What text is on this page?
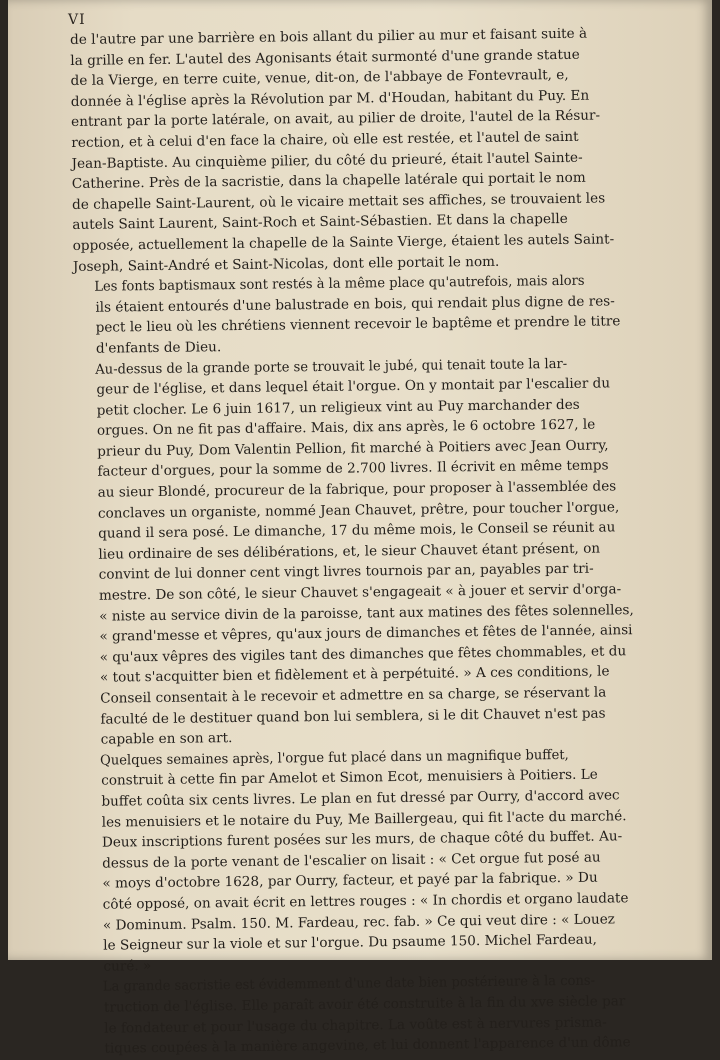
VI
de l'autre par une barrière en bois allant du pilier au mur et faisant suite à
la grille en fer. L'autel des Agonisants était surmonté d'une grande statue
de la Vierge, en terre cuite, venue, dit-on, de l'abbaye de Fontevrault, e,
donnée à l'église après la Révolution par M. d'Houdan, habitant du Puy. En
entrant par la porte latérale, on avait, au pilier de droite, l'autel de la Résur-
rection, et à celui d'en face la chaire, où elle est restée, et l'autel de saint
Jean-Baptiste. Au cinquième pilier, du côté du prieuré, était l'autel Sainte-
Catherine. Près de la sacristie, dans la chapelle latérale qui portait le nom
de chapelle Saint-Laurent, où le vicaire mettait ses affiches, se trouvaient les
autels Saint Laurent, Saint-Roch et Saint-Sébastien. Et dans la chapelle
opposée, actuellement la chapelle de la Sainte Vierge, étaient les autels Saint-
Joseph, Saint-André et Saint-Nicolas, dont elle portait le nom.
Les fonts baptismaux sont restés à la même place qu'autrefois, mais alors
ils étaient entourés d'une balustrade en bois, qui rendait plus digne de res-
pect le lieu où les chrétiens viennent recevoir le baptême et prendre le titre
d'enfants de Dieu.
Au-dessus de la grande porte se trouvait le jubé, qui tenait toute la lar-
geur de l'église, et dans lequel était l'orgue. On y montait par l'escalier du
petit clocher. Le 6 juin 1617, un religieux vint au Puy marchander des
orgues. On ne fit pas d'affaire. Mais, dix ans après, le 6 octobre 1627, le
prieur du Puy, Dom Valentin Pellion, fit marché à Poitiers avec Jean Ourry,
facteur d'orgues, pour la somme de 2.700 livres. Il écrivit en même temps
au sieur Blondé, procureur de la fabrique, pour proposer à l'assemblée des
conclaves un organiste, nommé Jean Chauvet, prêtre, pour toucher l'orgue,
quand il sera posé. Le dimanche, 17 du même mois, le Conseil se réunit au
lieu ordinaire de ses délibérations, et, le sieur Chauvet étant présent, on
convint de lui donner cent vingt livres tournois par an, payables par tri-
mestre. De son côté, le sieur Chauvet s'engageait « à jouer et servir d'orga-
« niste au service divin de la paroisse, tant aux matines des fêtes solennelles,
« grand'messe et vêpres, qu'aux jours de dimanches et fêtes de l'année, ainsi
« qu'aux vêpres des vigiles tant des dimanches que fêtes chommables, et du
« tout s'acquitter bien et fidèlement et à perpétuité. » A ces conditions, le
Conseil consentait à le recevoir et admettre en sa charge, se réservant la
faculté de le destituer quand bon lui semblera, si le dit Chauvet n'est pas
capable en son art.
Quelques semaines après, l'orgue fut placé dans un magnifique buffet,
construit à cette fin par Amelot et Simon Ecot, menuisiers à Poitiers. Le
buffet coûta six cents livres. Le plan en fut dressé par Ourry, d'accord avec
les menuisiers et le notaire du Puy, Me Baillergeau, qui fit l'acte du marché.
Deux inscriptions furent posées sur les murs, de chaque côté du buffet. Au-
dessus de la porte venant de l'escalier on lisait : « Cet orgue fut posé au
« moys d'octobre 1628, par Ourry, facteur, et payé par la fabrique. » Du
côté opposé, on avait écrit en lettres rouges : « In chordis et organo laudate
« Dominum. Psalm. 150. M. Fardeau, rec. fab. » Ce qui veut dire : « Louez
le Seigneur sur la viole et sur l'orgue. Du psaume 150. Michel Fardeau,
curé. »
La grande sacristie est évidemment d'une date bien postérieure à la cons-
truction de l'église. Elle paraît avoir été construite à la fin du xve siècle par
le fondateur et pour l'usage du chapitre. La voûte est à nervures prisma-
tiques coupées à la manière angevine, et lui donnent l'apparence d'un dôme
